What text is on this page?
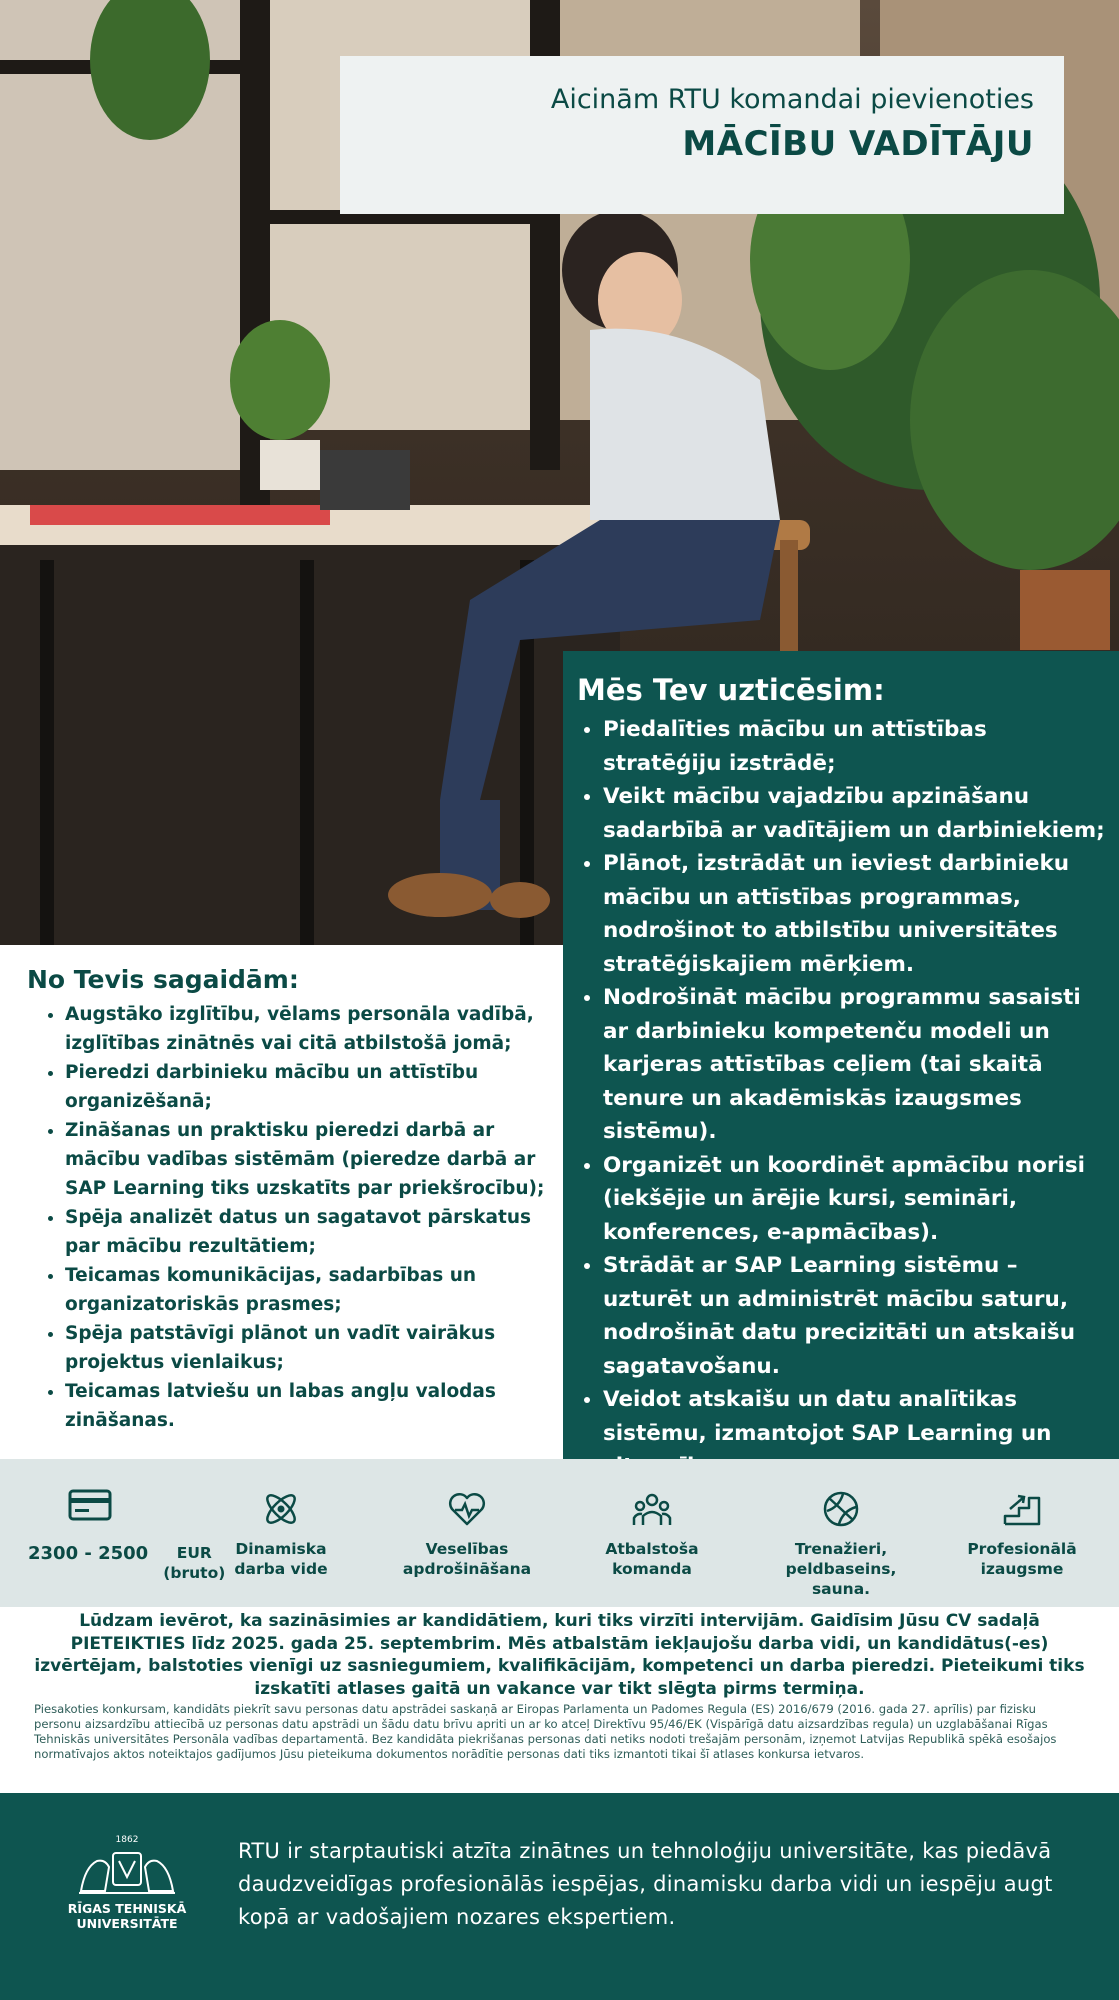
Aicinām RTU komandai pievienoties
MĀCĪBU VADĪTĀJU
Mēs Tev uzticēsim:
• Piedalīties mācību un attīstības stratēģiju izstrādē;
• Veikt mācību vajadzību apzināšanu sadarbībā ar vadītājiem un darbiniekiem;
• Plānot, izstrādāt un ieviest darbinieku mācību un attīstības programmas, nodrošinot to atbilstību universitātes stratēģiskajiem mērķiem.
• Nodrošināt mācību programmu sasaisti ar darbinieku kompetenču modeli un karjeras attīstības ceļiem (tai skaitā tenure un akadēmiskās izaugsmes sistēmu).
• Organizēt un koordinēt apmācību norisi (iekšējie un ārējie kursi, semināri, konferences, e-apmācības).
• Strādāt ar SAP Learning sistēmu – uzturēt un administrēt mācību saturu, nodrošināt datu precizitāti un atskaišu sagatavošanu.
• Veidot atskaišu un datu analītikas sistēmu, izmantojot SAP Learning un
No Tevis sagaidām:
• Augstāko izglītību, vēlams personāla vadībā, izglītības zinātnēs vai citā atbilstošā jomā;
• Pieredzi darbinieku mācību un attīstību organizēšanā;
• Zināšanas un praktisku pieredzi darbā ar mācību vadības sistēmām (pieredze darbā ar SAP Learning tiks uzskatīts par priekšrocību);
• Spēja analizēt datus un sagatavot pārskatus par mācību rezultātiem;
• Teicamas komunikācijas, sadarbības un organizatoriskās prasmes;
• Spēja patstāvīgi plānot un vadīt vairākus projektus vienlaikus;
• Teicamas latviešu un labas angļu valodas zināšanas.
2300 - 2500 EUR
(bruto)
Dinamiska
darba vide
Veselības
apdrošināšana
Atbalstoša
komanda
Trenažieri,
peldbaseins, sauna.
Profesionālā
izaugsme
Lūdzam ievērot, ka sazināsimies ar kandidātiem, kuri tiks virzīti intervijām. Gaidīsim Jūsu CV sadaļā PIETEIKTIES līdz 2025. gada 25. septembrim. Mēs atbalstām iekļaujošu darba vidi, un kandidātus(-es) izvērtējam, balstoties vienīgi uz sasniegumiem, kvalifikācijām, kompetenci un darba pieredzi. Pieteikumi tiks izskatīti atlases gaitā un vakance var tikt slēgta pirms termiņa.
Piesakoties konkursam, kandidāts piekrīt savu personas datu apstrādei saskaņā ar Eiropas Parlamenta un Padomes Regula (ES) 2016/679 (2016. gada 27. aprīlis) par fizisku personu aizsardzību attiecībā uz personas datu apstrādi un šādu datu brīvu apriti un ar ko atceļ Direktīvu 95/46/EK (Vispārīgā datu aizsardzības regula) un uzglabāšanai Rīgas Tehniskās universitātes Personāla vadības departamentā. Bez kandidāta piekrišanas personas dati netiks nodoti trešajām personām, izņemot Latvijas Republikā spēkā esošajos normatīvajos aktos noteiktajos gadījumos Jūsu pieteikuma dokumentos norādītie personas dati tiks izmantoti tikai šī atlases konkursa ietvaros.
1862
RĪGAS TEHNISKĀ
UNIVERSITĀTE

RTU ir starptautiski atzīta zinātnes un tehnoloģiju universitāte, kas piedāvā daudzveidīgas profesionālās iespējas, dinamisku darba vidi un iespēju augt kopā ar vadošajiem nozares ekspertiem.
